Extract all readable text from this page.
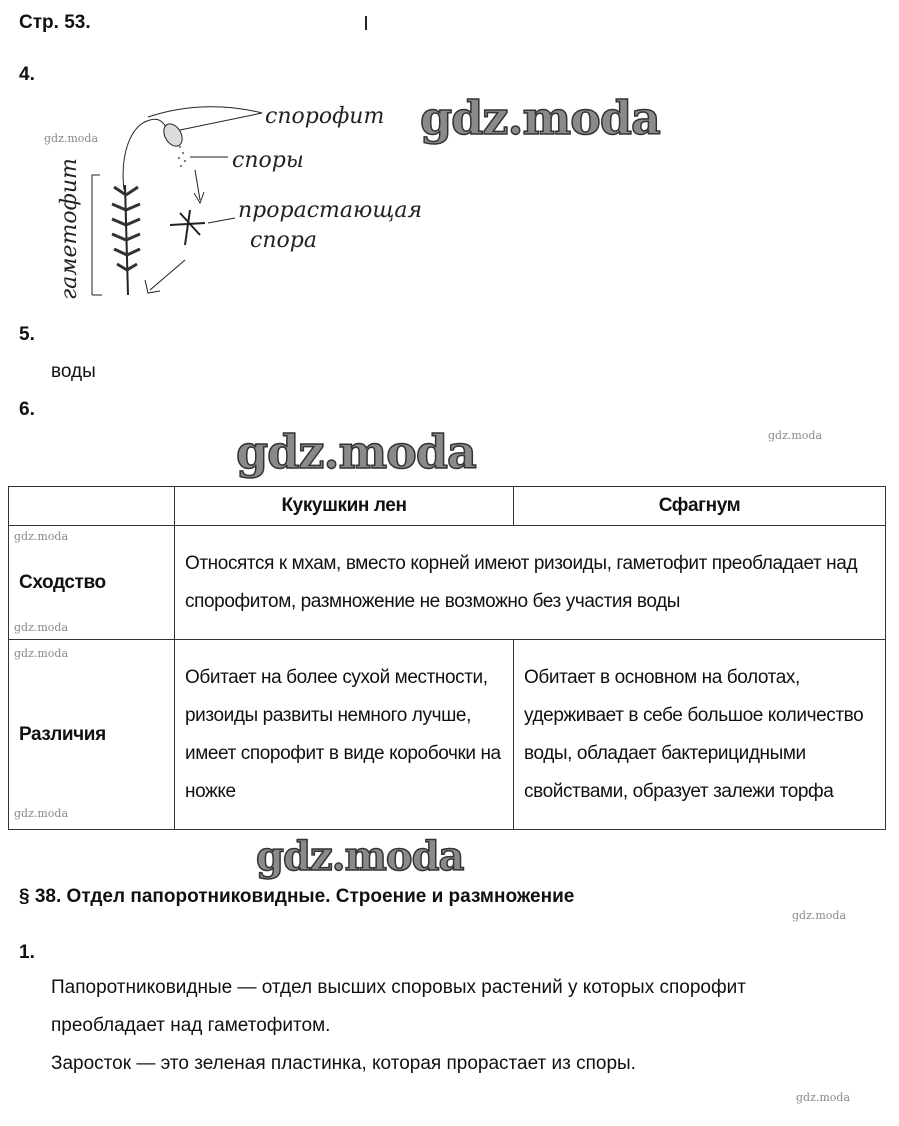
Стр. 53.
4.
спорофит
споры
прорастающая
спора
гаметофит
gdz.moda
gdz.moda
5.
воды
6.
gdz.moda	gdz.moda
	Кукушкин лен	Сфагнум
Сходство	Относятся к мхам, вместо корней имеют ризоиды, гаметофит преобладает над спорофитом, размножение не возможно без участия воды	
Различия	Обитает на более сухой местности, ризоиды развиты немного лучше, имеет спорофит в виде коробочки на ножке	Обитает в основном на болотах, удерживает в себе большое количество воды, обладает бактерицидными свойствами, образует залежи торфа
gdz.moda
gdz.moda
gdz.moda
gdz.moda
gdz.moda
§ 38. Отдел папоротниковидные. Строение и размножение
gdz.moda
1.
Папоротниковидные — отдел высших споровых растений у которых спорофит
преобладает над гаметофитом.
Заросток — это зеленая пластинка, которая прорастает из споры.
gdz.moda
